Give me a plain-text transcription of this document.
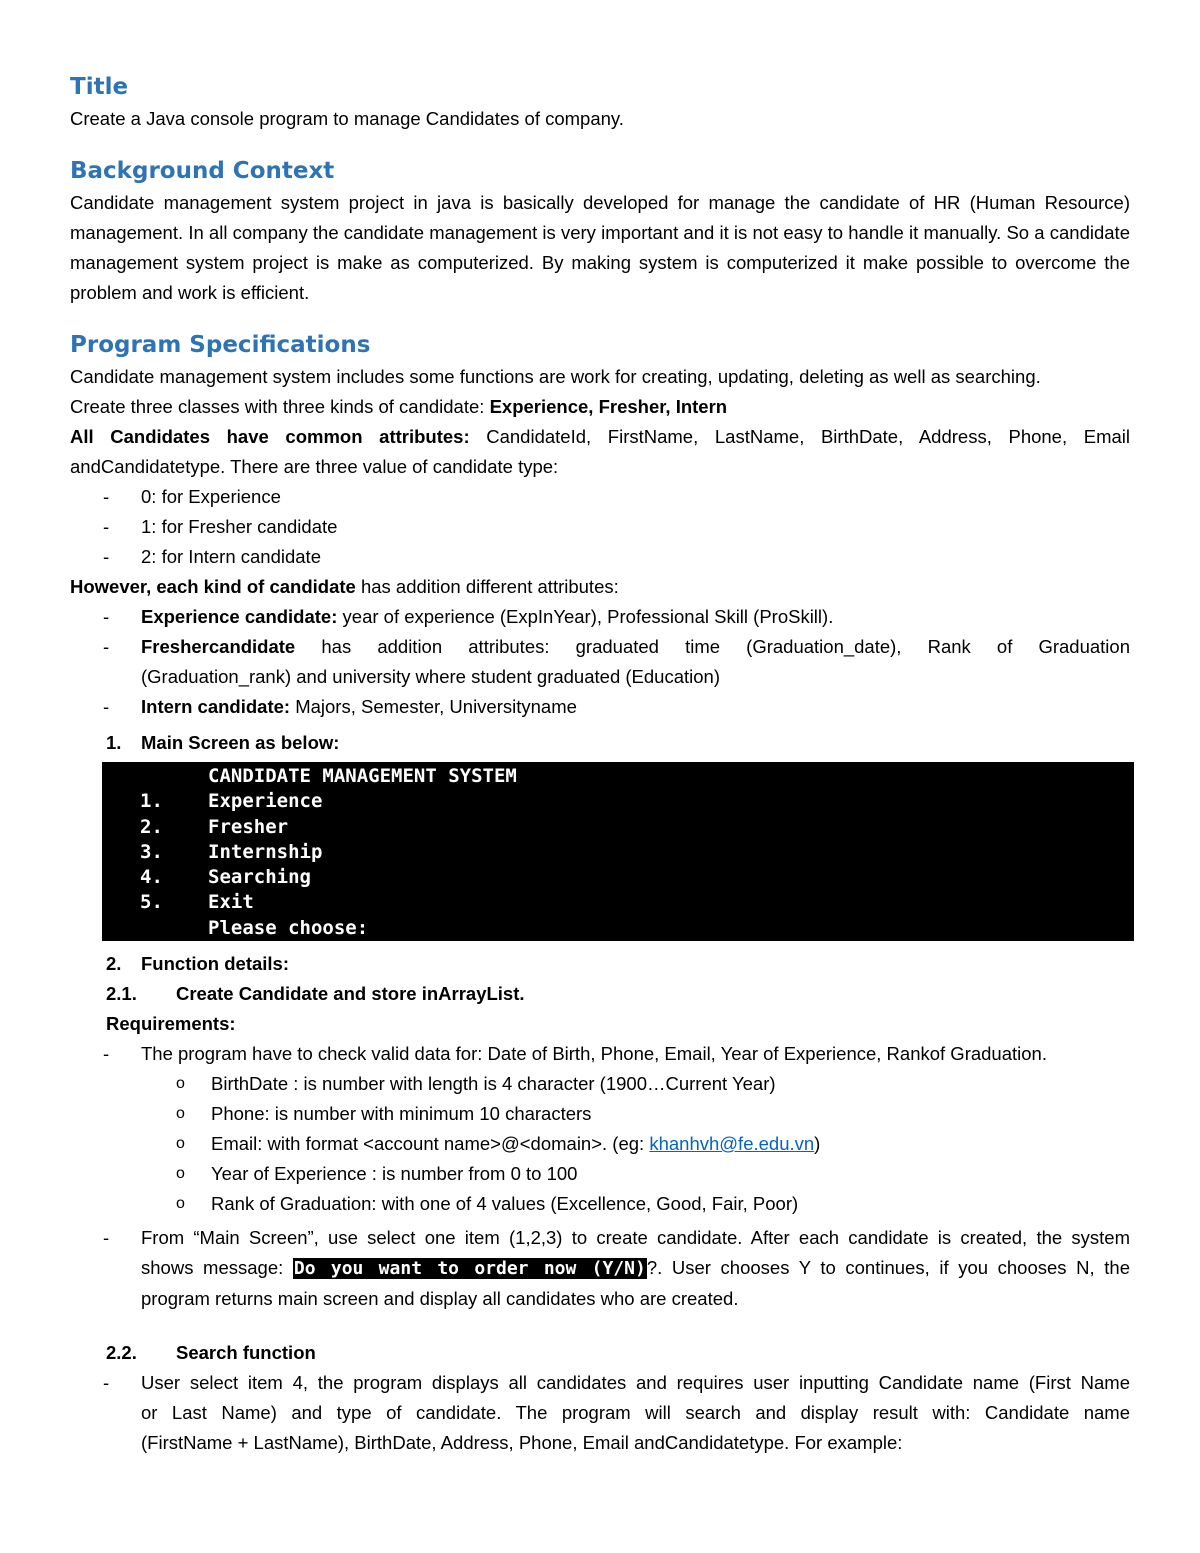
Title

Create a Java console program to manage Candidates of company.

Background Context

Candidate management system project in java is basically developed for manage the candidate of HR (Human Resource) management. In all company the candidate management is very important and it is not easy to handle it manually. So a candidate management system project is make as computerized. By making system is computerized it make possible to overcome the problem and work is efficient.

Program Specifications

Candidate management system includes some functions are work for creating, updating, deleting as well as searching.

Create three classes with three kinds of candidate: Experience, Fresher, Intern

All Candidates have common attributes: CandidateId, FirstName, LastName, BirthDate, Address, Phone, Email

andCandidatetype. There are three value of candidate type:

- 0: for Experience
- 1: for Fresher candidate
- 2: for Intern candidate

However, each kind of candidate has addition different attributes:

- Experience candidate: year of experience (ExpInYear), Professional Skill (ProSkill).
- Freshercandidate has addition attributes: graduated time (Graduation_date), Rank of Graduation
(Graduation_rank) and university where student graduated (Education)
- Intern candidate: Majors, Semester, Universityname
1. Main Screen as below:
CANDIDATE MANAGEMENT SYSTEM
1. Experience
2. Fresher
3. Internship
4. Searching
5. Exit
Please choose:
2. Function details:
2.1. Create Candidate and store inArrayList.

Requirements:

- The program have to check valid data for: Date of Birth, Phone, Email, Year of Experience, Rankof Graduation.
o BirthDate : is number with length is 4 character (1900…Current Year)
o Phone: is number with minimum 10 characters
o Email: with format <account name>@<domain>. (eg: khanhvh@fe.edu.vn)
o Year of Experience : is number from 0 to 100
o Rank of Graduation: with one of 4 values (Excellence, Good, Fair, Poor)
- From “Main Screen”, use select one item (1,2,3) to create candidate. After each candidate is created, the system
shows message: Do you want to order now (Y/N)?. User chooses Y to continues, if you chooses N, the
program returns main screen and display all candidates who are created.
2.2. Search function
- User select item 4, the program displays all candidates and requires user inputting Candidate name (First Name
or Last Name) and type of candidate. The program will search and display result with: Candidate name
(FirstName + LastName), BirthDate, Address, Phone, Email andCandidatetype. For example:
